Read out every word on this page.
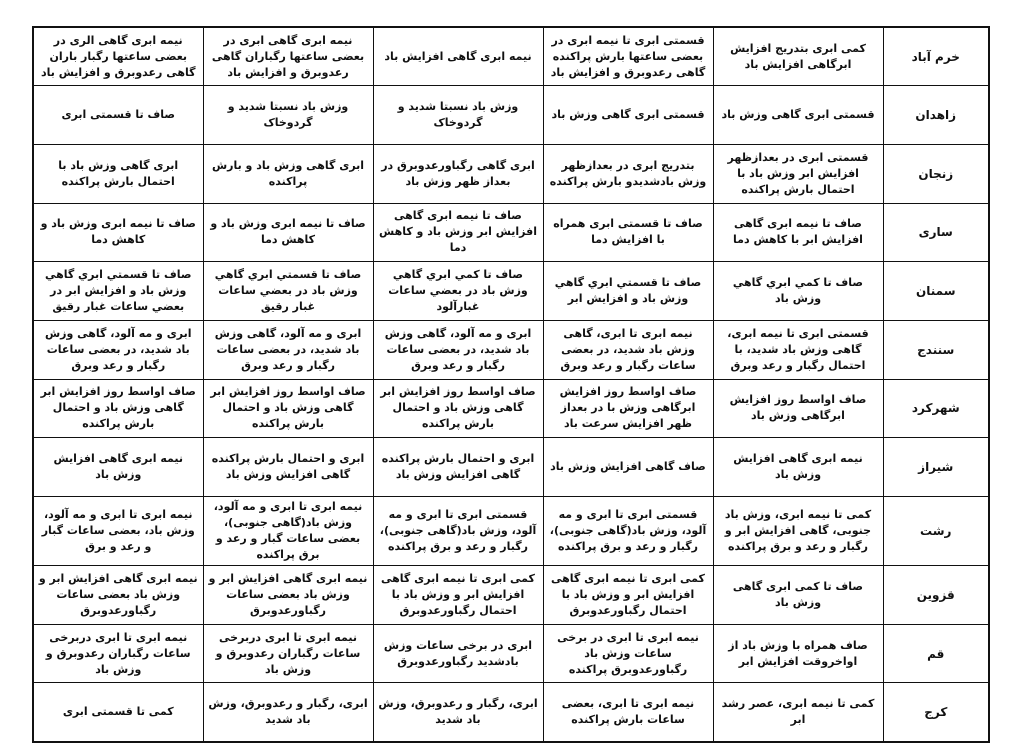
خرم آباد	کمی ابری بتدریج افزایش ابرگاهی افزایش باد	قسمتی ابری تا نیمه ابری در بعضی ساعتها بارش پراکنده گاهی رعدوبرق و افزایش باد	نیمه ابری گاهی افزایش باد	نیمه ابری گاهی ابری در بعضی ساعتها رگباران گاهی رعدوبرق و افزایش باد	نیمه ابری گاهی الری در بعضی ساعتها رگبار باران گاهی رعدوبرق و افزایش باد
زاهدان	قسمتی ابری گاهی وزش باد	قسمتی ابری گاهی وزش باد	وزش باد نسبتا شدید و گردوخاک	وزش باد نسبتا شدید و گردوخاک	صاف تا قسمتی ابری
زنجان	قسمتی ابری در بعدازظهر افزایش ابر وزش باد با احتمال بارش پراکنده	بتدریج ابری در بعدازظهر وزش بادشدیدو بارش پراکنده	ابری گاهی رگباورعدوبرق در بعداز ظهر وزش باد	ابری گاهی وزش باد و بارش پراکنده	ابری گاهی وزش باد با احتمال بارش پراکنده
ساری	صاف تا نیمه ابری گاهی افزایش ابر با کاهش دما	صاف تا قسمتی ابری همراه با افزایش دما	صاف تا نیمه ابری گاهی افزایش ابر وزش باد و کاهش دما	صاف تا نیمه ابری وزش باد و کاهش دما	صاف تا نیمه ابری وزش باد و کاهش دما
سمنان	صاف تا کمي ابري گاهي وزش باد	صاف تا قسمتي ابري گاهي وزش باد و افزایش ابر	صاف تا کمي ابري گاهي وزش باد در بعضي ساعات غبارآلود	صاف تا قسمتي ابري گاهي وزش باد در بعضي ساعات غبار رقيق	صاف تا قسمتي ابري گاهي وزش باد و افزايش ابر در بعضي ساعات غبار رقيق
سنندج	قسمتی ابری تا نیمه ابری، گاهی وزش باد شدید، با احتمال رگبار و رعد وبرق	نیمه ابری تا ابری، گاهی وزش باد شدید، در بعضی ساعات رگبار و رعد وبرق	ابری و مه آلود، گاهی وزش باد شدید، در بعضی ساعات رگبار و رعد وبرق	ابری و مه آلود، گاهی وزش باد شدید، در بعضی ساعات رگبار و رعد وبرق	ابری و مه آلود، گاهی وزش باد شدید، در بعضی ساعات رگبار و رعد وبرق
شهرکرد	صاف اواسط روز افزایش ابرگاهی وزش باد	صاف اواسط روز افزایش ابرگاهی وزش با در بعداز ظهر افزایش سرعت باد	صاف اواسط روز افزایش ابر گاهی وزش باد و احتمال بارش پراکنده	صاف اواسط روز افزایش ابر گاهی وزش باد و احتمال بارش پراکنده	صاف اواسط روز افزایش ابر گاهی وزش باد و احتمال بارش پراکنده
شیراز	نیمه ابری گاهی افزایش وزش باد	صاف گاهی افزایش وزش باد	ابری و احتمال بارش پراکنده گاهی افزایش وزش باد	ابری و احتمال بارش پراکنده گاهی افزایش وزش باد	نیمه ابری گاهی افزایش وزش باد
رشت	کمی تا نیمه ابری، وزش باد جنوبی، گاهی افزایش ابر و رگبار و رعد و برق پراکنده	قسمتی ابری تا ابری و مه آلود، وزش باد(گاهی جنوبی)، رگبار و رعد و برق پراکنده	قسمتی ابری تا ابری و مه آلود، وزش باد(گاهی جنوبی)، رگبار و رعد و برق پراکنده	نیمه ابری تا ابری و مه آلود، وزش باد(گاهی جنوبی)، بعضی ساعات گبار و رعد و برق پراکنده	نیمه ابری تا ابری و مه آلود، وزش باد، بعضی ساعات گبار و رعد و برق
قزوین	صاف تا کمی ابری گاهی وزش باد	کمی ابری تا نیمه ابری گاهی افزایش ابر و وزش باد با احتمال رگباورعدوبرق	کمی ابری تا نیمه ابری گاهی افزایش ابر و وزش باد با احتمال رگباورعدوبرق	نیمه ابری گاهی افزایش ابر و وزش باد بعضی ساعات رگباورعدوبرق	نیمه ابری گاهی افزایش ابر و وزش باد بعضی ساعات رگباورعدوبرق
قم	صاف همراه با وزش باد از اواخروقت افزایش ابر	نیمه ابری تا ابری در برخی ساعات وزش باد رگباورعدوبرق پراکنده	ابری در برخی ساعات وزش بادشدید رگباورعدوبرق	نیمه ابری تا ابری دربرخی ساعات رگباران رعدوبرق و وزش باد	نیمه ابری تا ابری دربرخی ساعات رگباران رعدوبرق و وزش باد
کرج	کمی تا نیمه ابری، عصر رشد ابر	نیمه ابری تا ابری، بعضی ساعات بارش پراکنده	ابری، رگبار و رعدوبرق، وزش باد شدید	ابری، رگبار و رعدوبرق، وزش باد شدید	کمی تا قسمتی ابری
